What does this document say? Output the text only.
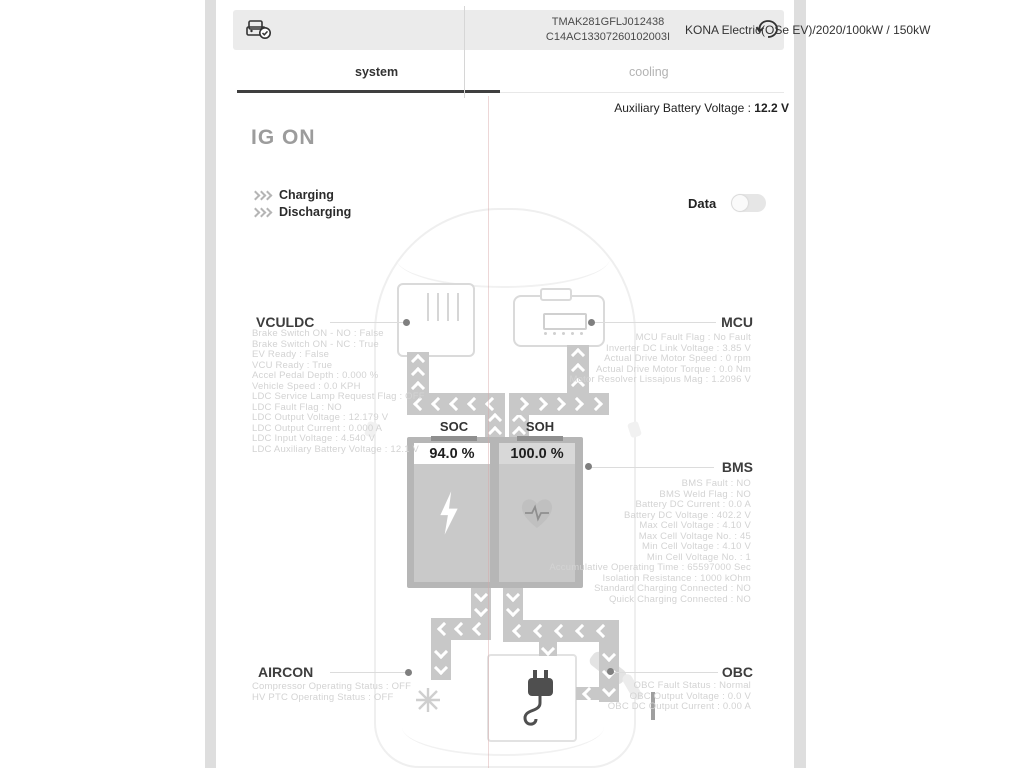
TMAK281GFLJ012438
C14AC13307260102003I	KONA Electric(OSe EV)/2020/100kW / 150kW
system	cooling
Auxiliary Battery Voltage : 12.2 V
IG ON
Charging
Discharging
Data
94.0 %	100.0 %
SOC	SOH
VCULDC	MCU
BMS
AIRCON	OBC
Brake Switch ON - NO : False
Brake Switch ON - NC : True
EV Ready : False
VCU Ready : True
Accel Pedal Depth : 0.000 %
Vehicle Speed : 0.0 KPH
LDC Service Lamp Request Flag : OFF
LDC Fault Flag : NO
LDC Output Voltage : 12.179 V
LDC Output Current : 0.000 A
LDC Input Voltage : 4.540 V
LDC Auxiliary Battery Voltage : 12.1 V
MCU Fault Flag : No Fault
Inverter DC Link Voltage : 3.85 V
Actual Drive Motor Speed : 0 rpm
Actual Drive Motor Torque : 0.0 Nm
Motor Resolver Lissajous Mag : 1.2096 V
BMS Fault : NO
BMS Weld Flag : NO
Battery DC Current : 0.0 A
Battery DC Voltage : 402.2 V
Max Cell Voltage : 4.10 V
Max Cell Voltage No. : 45
Min Cell Voltage : 4.10 V
Min Cell Voltage No. : 1
Accumulative Operating Time : 65597000 Sec
Isolation Resistance : 1000 kOhm
Standard Charging Connected : NO
Quick Charging Connected : NO
Compressor Operating Status : OFF
HV PTC Operating Status : OFF
OBC Fault Status : Normal
OBC Output Voltage : 0.0 V
OBC DC Output Current : 0.00 A
